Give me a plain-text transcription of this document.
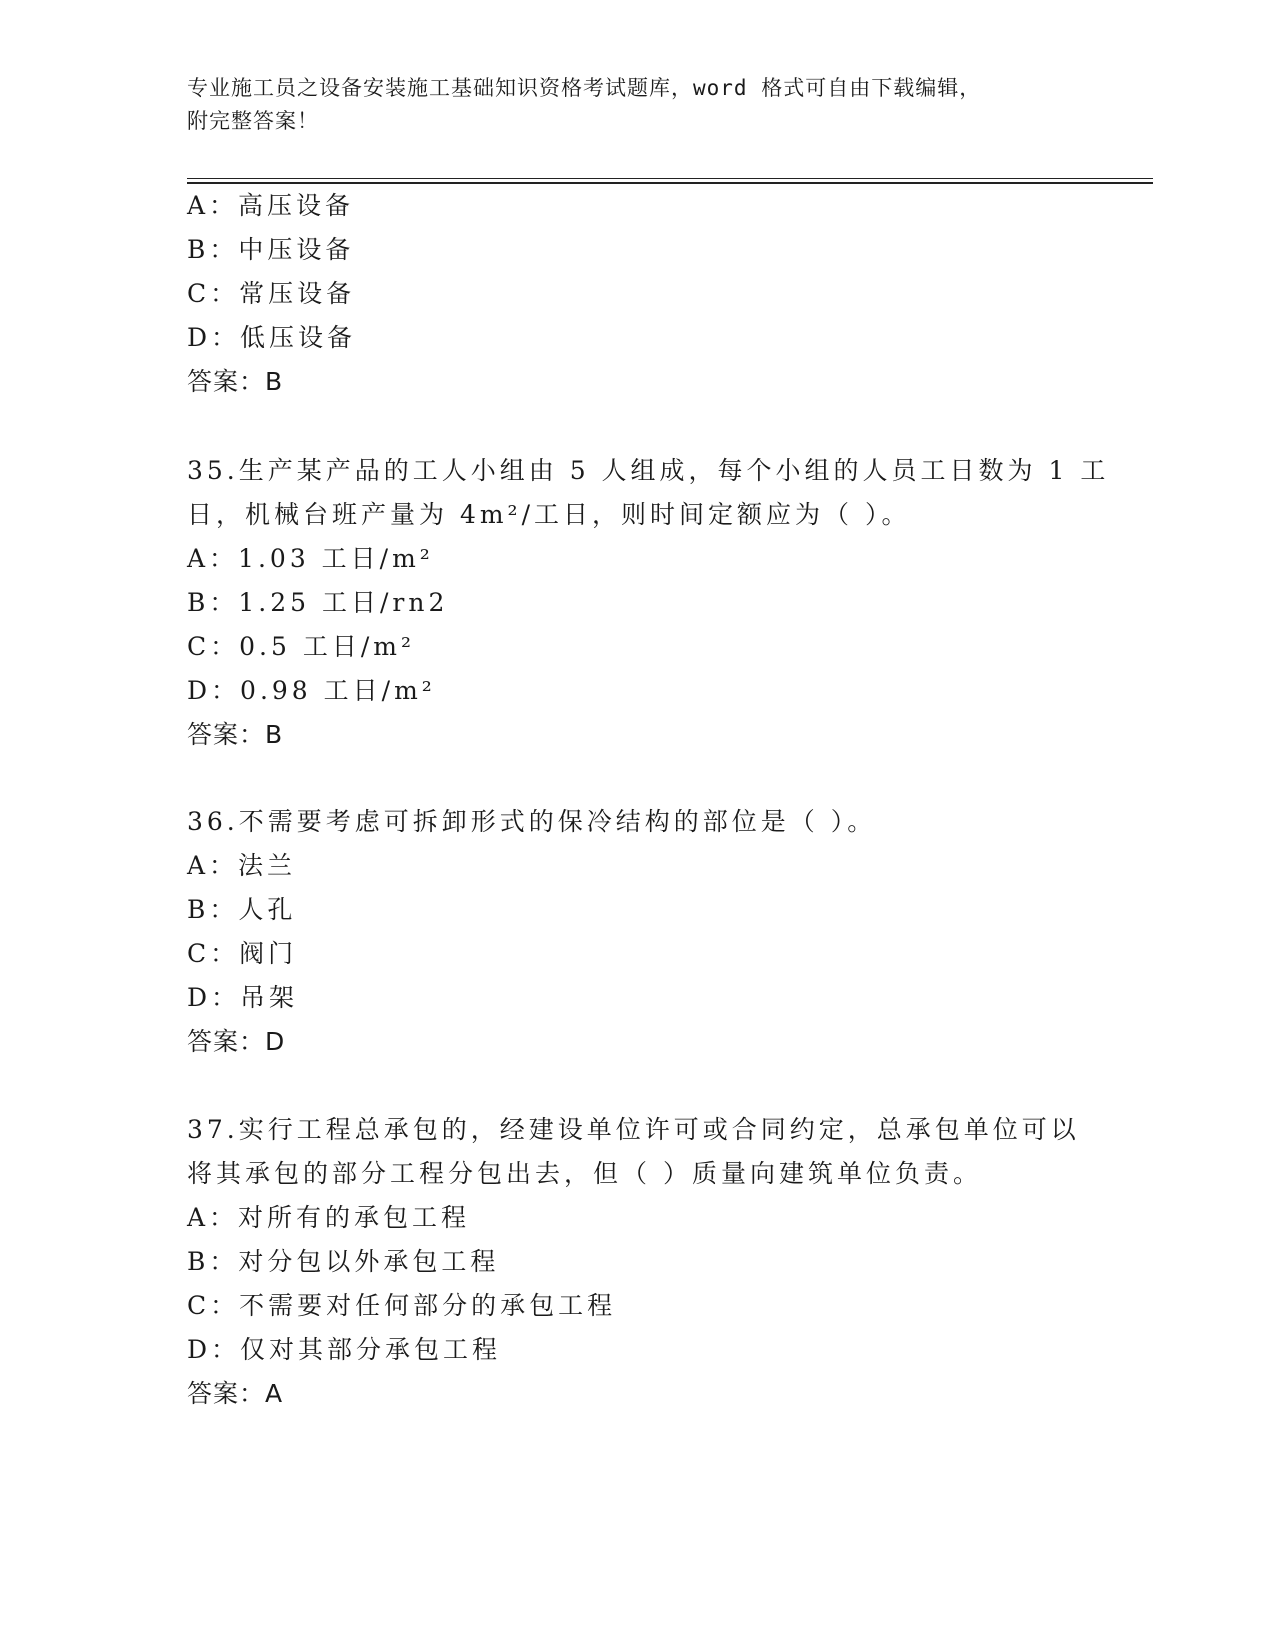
专业施工员之设备安装施工基础知识资格考试题库，word 格式可自由下载编辑，
附完整答案！
A：高压设备
B：中压设备
C：常压设备
D：低压设备
答案：B
35.生产某产品的工人小组由 5 人组成，每个小组的人员工日数为 1 工
日，机械台班产量为 4m²/工日，则时间定额应为（ ）。
A：1.03 工日/m²
B：1.25 工日/rn2
C：0.5 工日/m²
D：0.98 工日/m²
答案：B
36.不需要考虑可拆卸形式的保冷结构的部位是（ ）。
A：法兰
B：人孔
C：阀门
D：吊架
答案：D
37.实行工程总承包的，经建设单位许可或合同约定，总承包单位可以
将其承包的部分工程分包出去，但（ ）质量向建筑单位负责。
A：对所有的承包工程
B：对分包以外承包工程
C：不需要对任何部分的承包工程
D：仅对其部分承包工程
答案：A
